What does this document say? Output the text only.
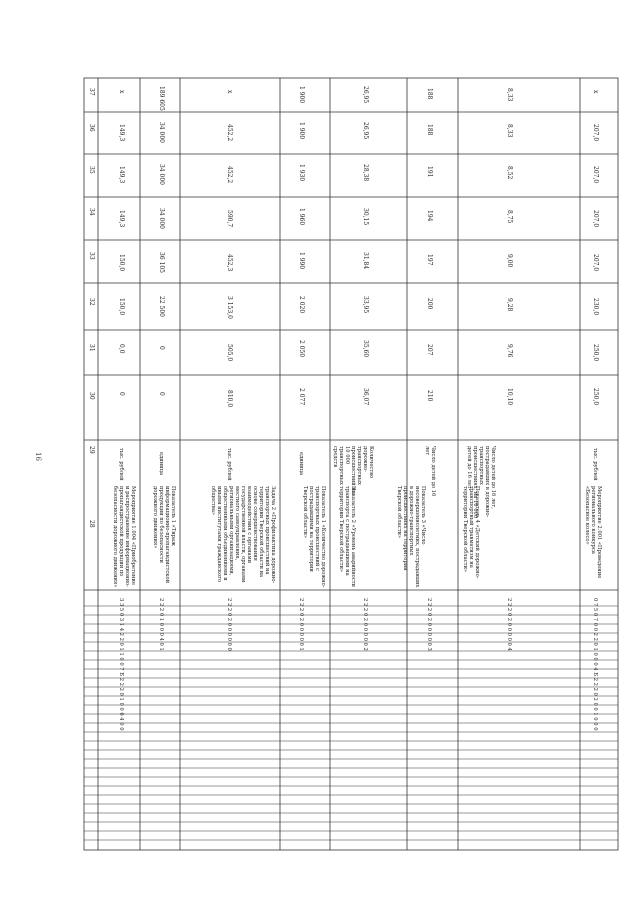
16
37
36
35
34
33
32
31
30
29
28
х
149,3
149,3
149,3
150,0
150,0
0,0
0
тыс. рублей
Мероприятие 1.004 «Приобретение и распространение информационно-пропагандистской продукции по безопасности дорожного движения»
3 3 5 0 3 1 4 2 2 0 1 1 0 0 7 Б 2 2 2 0 1 0 0 0 4 0 0
189 605
34 000
34 000
34 000
36 105
22 500
0
0
единица
Показатель 1 «Тираж информационно-пропагандистской продукции по безопасности дорожного движения»
2 2 2 0 1 0 0 0 4 0 1
х
452,2
452,2
590,7
452,3
3 153,0
505,0
810,0
тыс. рублей
Задача 2 «Профилактика дорожно-транспортных происшествий на территории Тверской области на основе совершенствования взаимодействия с органами государственной власти, органами местного самоуправления, региональными организациями, общественными объединениями и иными институтами гражданского общества»
2 2 2 0 2 0 0 0 0 0 0
1 900
1 900
1 930
1 960
1 990
2 020
2 050
2 077
единица
Показатель 1 «Количество дорожно-транспортных происшествий с пострадавшими на территории Тверской области»
2 2 2 0 2 0 0 0 0 0 1
26,95
26,95
28,38
30,15
31,84
33,95
35,60
36,07
Количество дорожно-транспортных происшествий на 10 000 транспортных средств
Показатель 2 «Уровень аварийности транспорта с пострадавшими на территории Тверской области»
2 2 2 0 2 0 0 0 0 0 2
188
188
191
194
197
200
207
210
Число детей до 16 лет
Показатель 3 «Число несовершеннолетних, пострадавших в дорожно-транспортных происшествиях на территории Тверской области»
2 2 2 0 2 0 0 0 0 0 3
8,33
8,33
8,52
8,75
9,00
9,28
9,76
10,10
Число детей до 16 лет, пострадавших в дорожно-транспортных происшествиях, на 10 000 детей до 16 лет
Показатель 4 «Детский дорожно-транспортный травматизм на территории Тверской области»
2 2 2 0 2 0 0 0 0 0 4
х
207,0
207,0
207,0
207,0
230,0
250,0
250,0
тыс. рублей
Мероприятие 2.001 «Проведение регионального конкурса «Безопасное колесо»
0 7 5 0 7 0 0 2 2 0 1 0 0 0 4 Б 2 2 2 0 2 0 0 1 0 0 0
